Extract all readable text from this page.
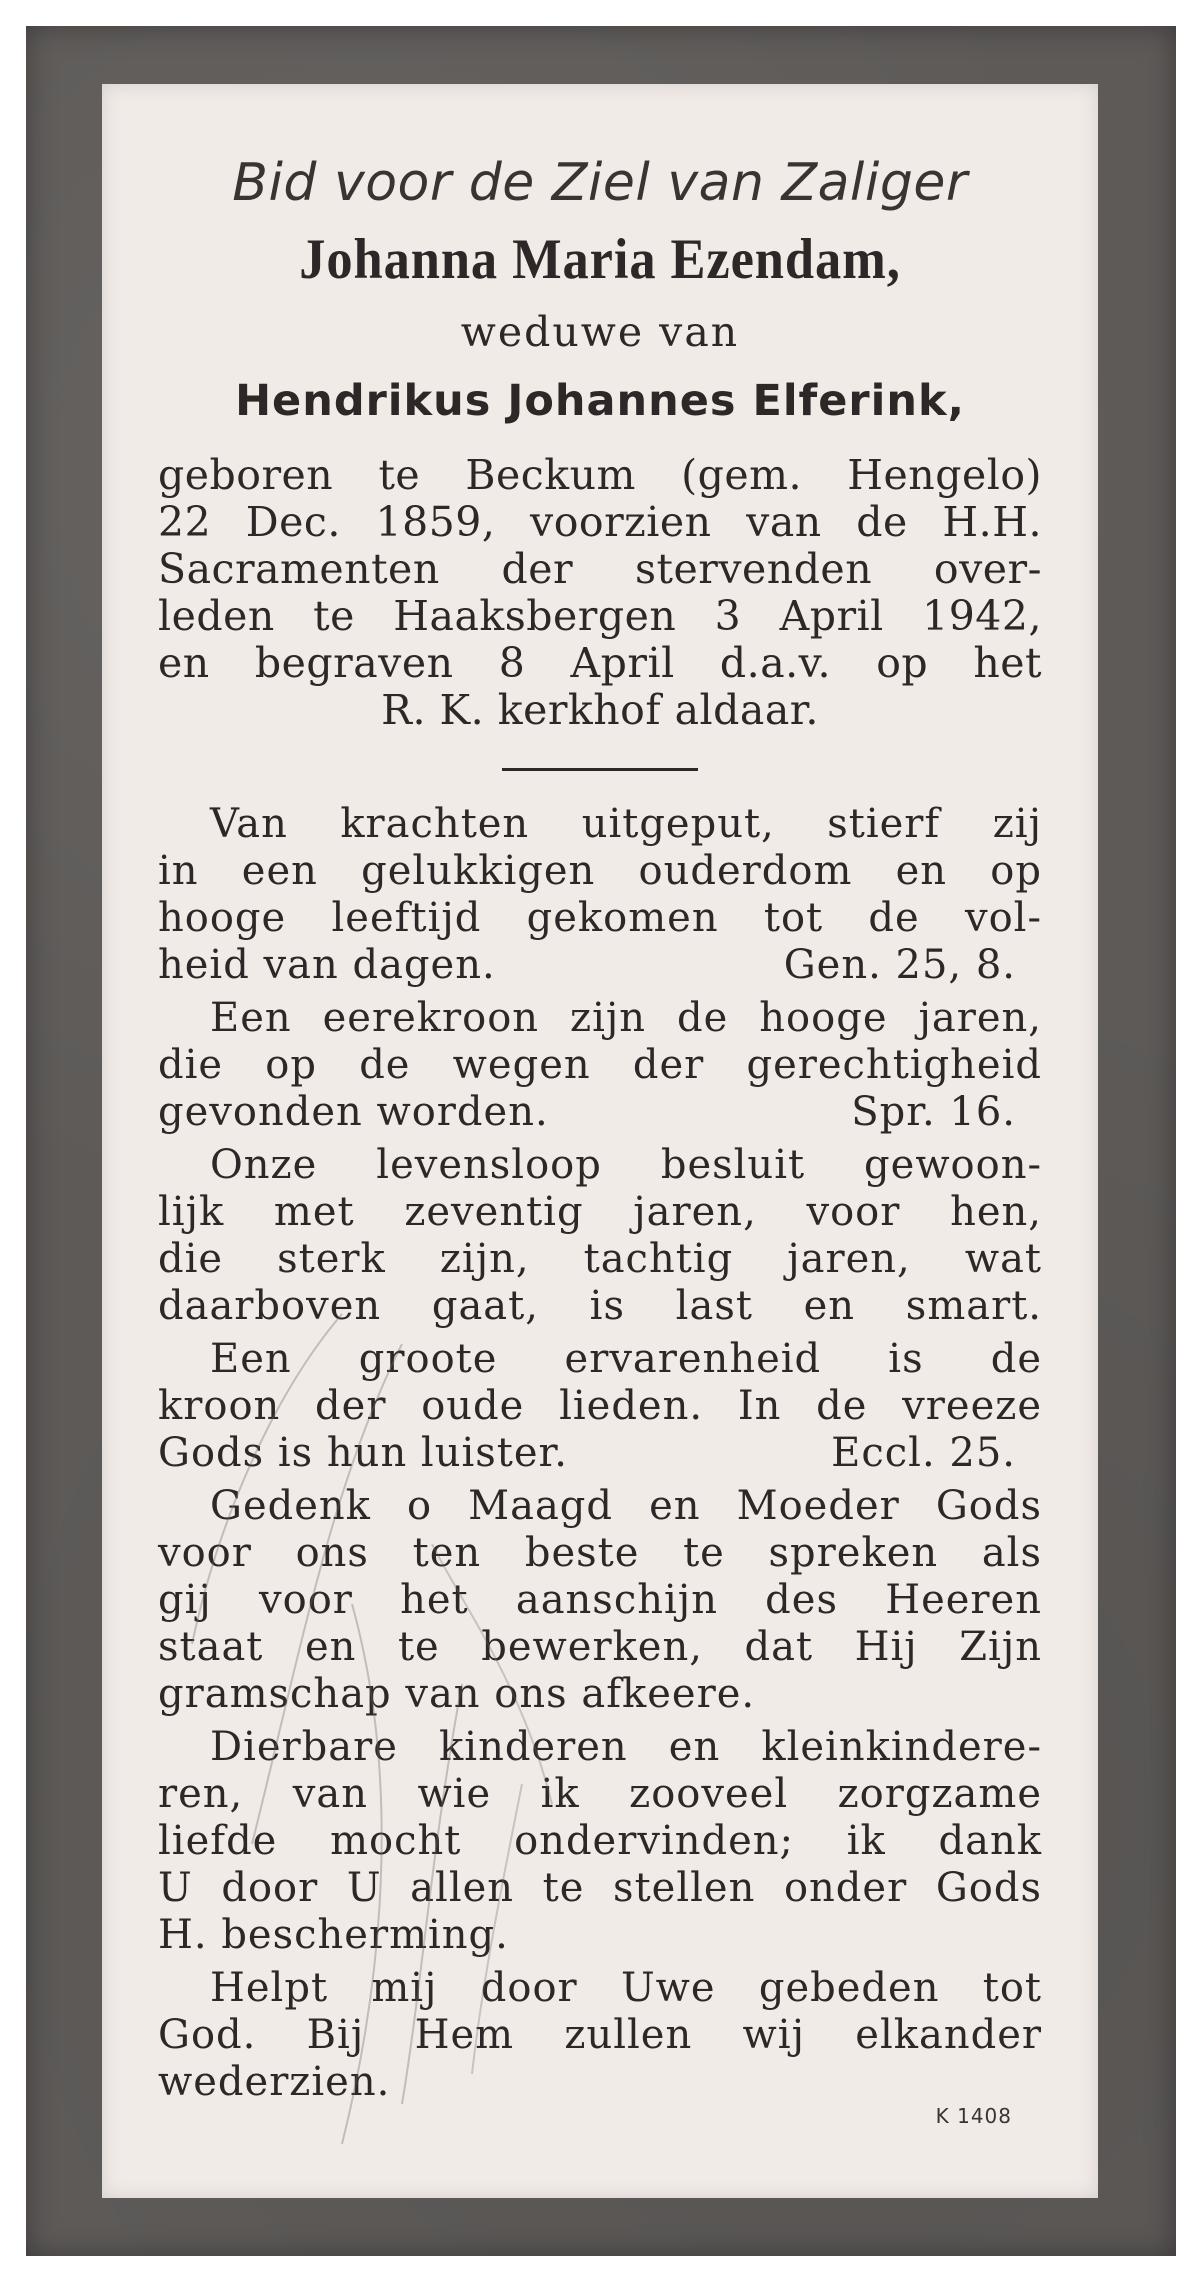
Bid voor de Ziel van Zaliger

Johanna Maria Ezendam,

weduwe van

Hendrikus Johannes Elferink,

geboren te Beckum (gem. Hengelo)
22 Dec. 1859, voorzien van de H.H.
Sacramenten der stervenden over-
leden te Haaksbergen 3 April 1942,
en begraven 8 April d.a.v. op het
R. K. kerkhof aldaar.
Van krachten uitgeput, stierf zij
in een gelukkigen ouderdom en op
hooge leeftijd gekomen tot de vol-
heid van dagen.	Gen. 25, 8.
Een eerekroon zijn de hooge jaren,
die op de wegen der gerechtigheid
gevonden worden.	Spr. 16.
Onze levensloop besluit gewoon-
lijk met zeventig jaren, voor hen,
die sterk zijn, tachtig jaren, wat
daarboven gaat, is last en smart.
Een groote ervarenheid is de
kroon der oude lieden. In de vreeze
Gods is hun luister.	Eccl. 25.
Gedenk o Maagd en Moeder Gods
voor ons ten beste te spreken als
gij voor het aanschijn des Heeren
staat en te bewerken, dat Hij Zijn
gramschap van ons afkeere.
Dierbare kinderen en kleinkindere-
ren, van wie ik zooveel zorgzame
liefde mocht ondervinden; ik dank
U door U allen te stellen onder Gods
H. bescherming.
Helpt mij door Uwe gebeden tot
God. Bij Hem zullen wij elkander
wederzien.
K 1408
